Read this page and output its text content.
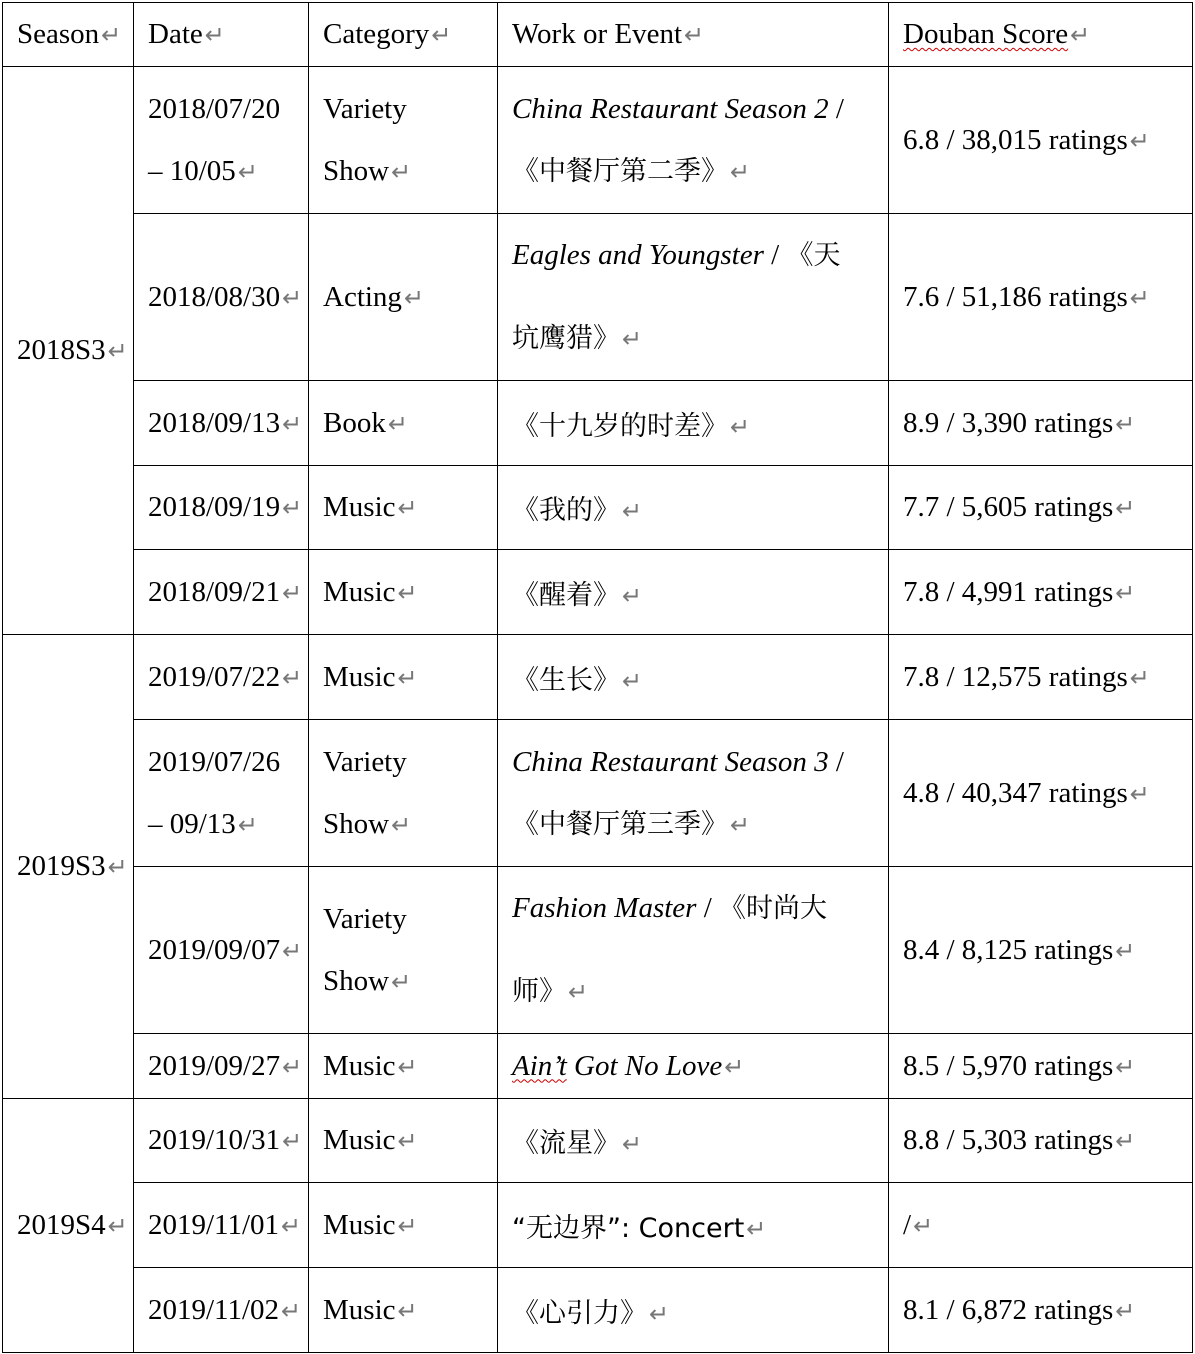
Season↵	Date↵	Category↵	Work or Event↵	Douban Score↵
2018S3↵	2018/07/20
– 10/05↵	Variety
Show↵	China Restaurant Season 2 /
《中餐厅第二季》↵	6.8 / 38,015 ratings↵
	2018/08/30↵	Acting↵	Eagles and Youngster / 《天
坑鹰猎》↵	7.6 / 51,186 ratings↵
	2018/09/13↵	Book↵	《十九岁的时差》↵	8.9 / 3,390 ratings↵
	2018/09/19↵	Music↵	《我的》↵	7.7 / 5,605 ratings↵
	2018/09/21↵	Music↵	《醒着》↵	7.8 / 4,991 ratings↵
2019S3↵	2019/07/22↵	Music↵	《生长》↵	7.8 / 12,575 ratings↵
	2019/07/26
– 09/13↵	Variety
Show↵	China Restaurant Season 3 /
《中餐厅第三季》↵	4.8 / 40,347 ratings↵
	2019/09/07↵	Variety
Show↵	Fashion Master / 《时尚大
师》↵	8.4 / 8,125 ratings↵
	2019/09/27↵	Music↵	Ain’t Got No Love↵	8.5 / 5,970 ratings↵
2019S4↵	2019/10/31↵	Music↵	《流星》↵	8.8 / 5,303 ratings↵
	2019/11/01↵	Music↵	“无边界”: Concert↵	/↵
	2019/11/02↵	Music↵	《心引力》↵	8.1 / 6,872 ratings↵
